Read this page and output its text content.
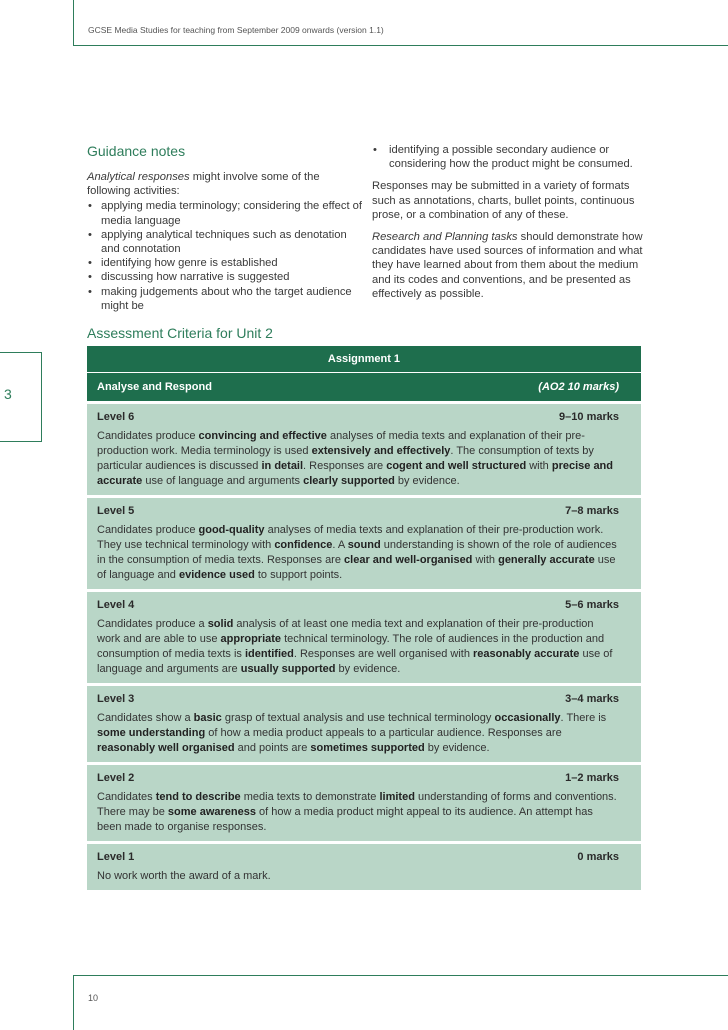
GCSE Media Studies for teaching from September 2009 onwards (version 1.1)
3
Guidance notes

Analytical responses might involve some of the following activities:

• applying media terminology; considering the effect of media language
• applying analytical techniques such as denotation and connotation
• identifying how genre is established
• discussing how narrative is suggested
• making judgements about who the target audience might be
• identifying a possible secondary audience or considering how the product might be consumed.

Responses may be submitted in a variety of formats such as annotations, charts, bullet points, continuous prose, or a combination of any of these.

Research and Planning tasks should demonstrate how candidates have used sources of information and what they have learned about from them about the medium and its codes and conventions, and be presented as effectively as possible.

Assessment Criteria for Unit 2
Assignment 1
Analyse and Respond	(AO2 10 marks)
Level 6	9–10 marks
Candidates produce convincing and effective analyses of media texts and explanation of their pre-production work. Media terminology is used extensively and effectively. The consumption of texts by particular audiences is discussed in detail. Responses are cogent and well structured with precise and accurate use of language and arguments clearly supported by evidence.
Level 5	7–8 marks
Candidates produce good-quality analyses of media texts and explanation of their pre-production work. They use technical terminology with confidence. A sound understanding is shown of the role of audiences in the consumption of media texts. Responses are clear and well-organised with generally accurate use of language and evidence used to support points.
Level 4	5–6 marks
Candidates produce a solid analysis of at least one media text and explanation of their pre-production work and are able to use appropriate technical terminology. The role of audiences in the production and consumption of media texts is identified. Responses are well organised with reasonably accurate use of language and arguments are usually supported by evidence.
Level 3	3–4 marks
Candidates show a basic grasp of textual analysis and use technical terminology occasionally. There is some understanding of how a media product appeals to a particular audience. Responses are reasonably well organised and points are sometimes supported by evidence.
Level 2	1–2 marks
Candidates tend to describe media texts to demonstrate limited understanding of forms and conventions. There may be some awareness of how a media product might appeal to its audience. An attempt has been made to organise responses.
Level 1	0 marks
No work worth the award of a mark.
10
